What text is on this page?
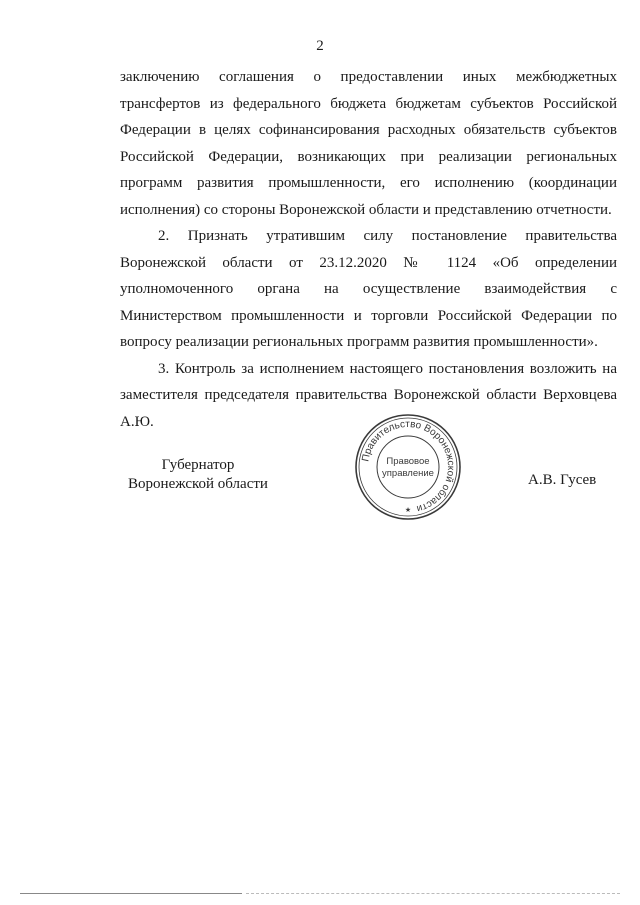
2

заключению соглашения о предоставлении иных межбюджетных трансфертов из федерального бюджета бюджетам субъектов Российской Федерации в целях софинансирования расходных обязательств субъектов Российской Федерации, возникающих при реализации региональных программ развития промышленности, его исполнению (координации исполнения) со стороны Воронежской области и представлению отчетности.

2. Признать утратившим силу постановление правительства Воронежской области от 23.12.2020 № 1124 «Об определении уполномоченного органа на осуществление взаимодействия с Министерством промышленности и торговли Российской Федерации по вопросу реализации региональных программ развития промышленности».

3. Контроль за исполнением настоящего постановления возложить на заместителя председателя правительства Воронежской области Верховцева А.Ю.

Губернатор
Воронежской области
Правительство Воронежской области
Правовое
управление
★
А.В. Гусев
